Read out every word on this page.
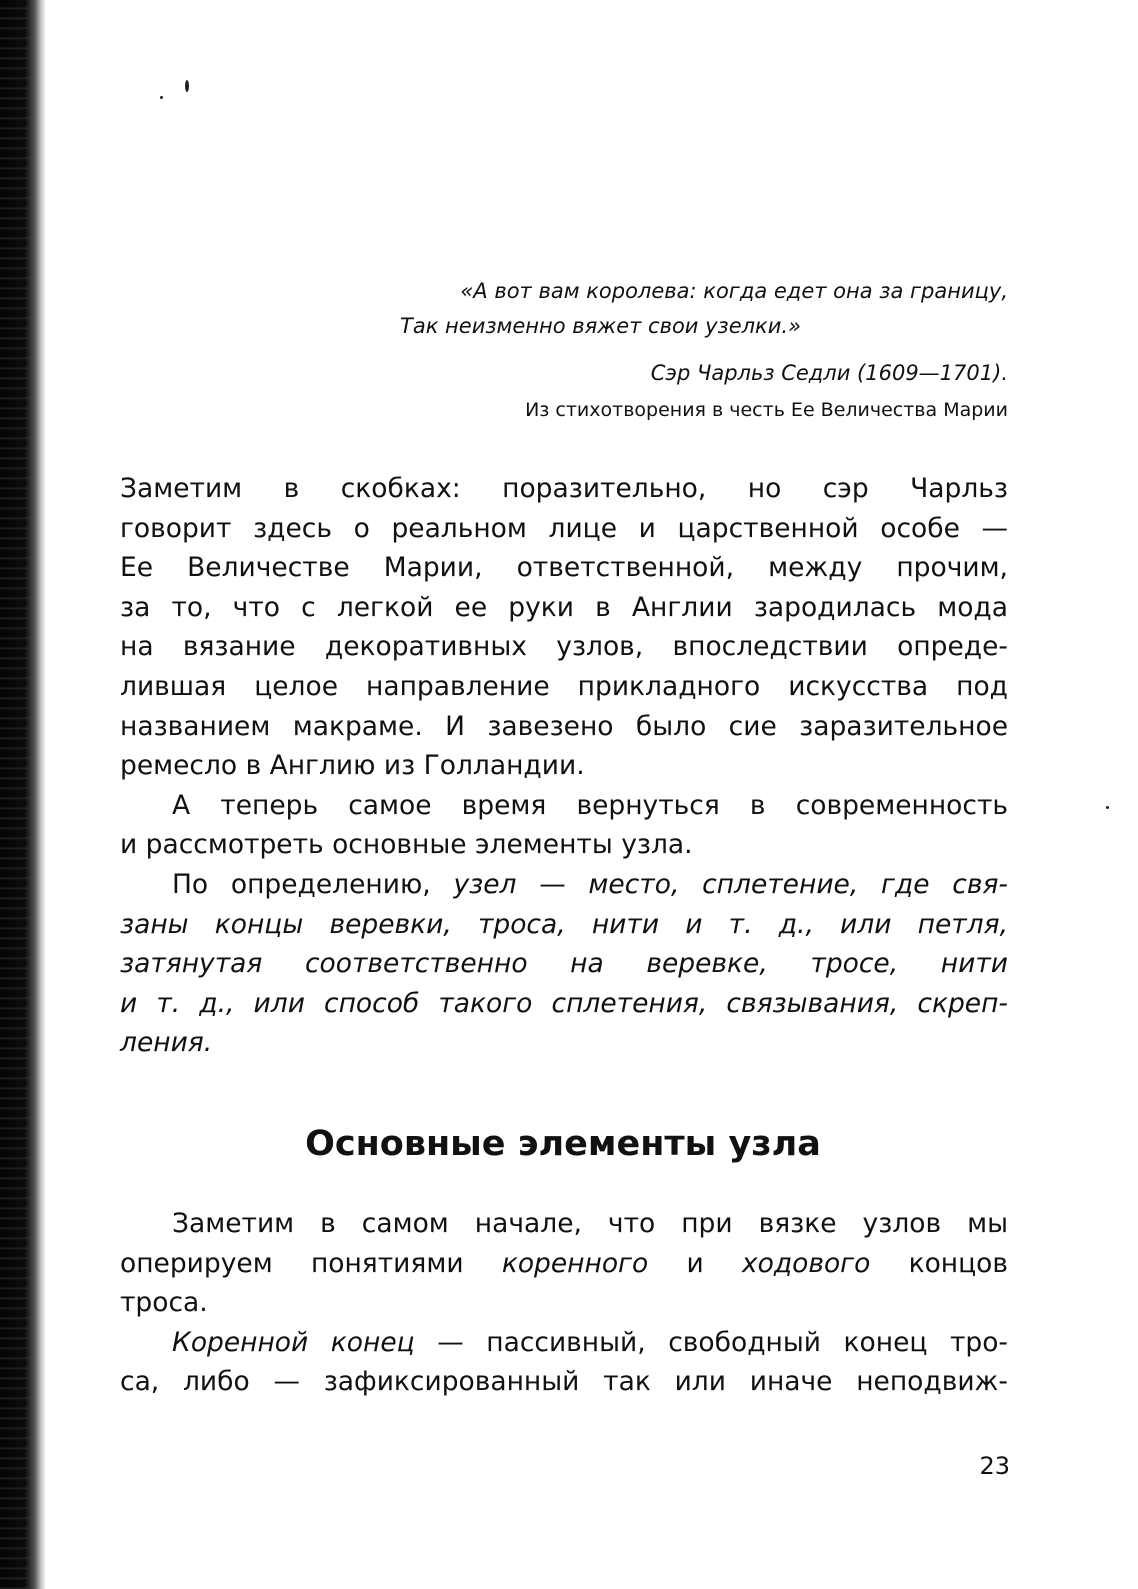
«А вот вам королева: когда едет она за границу,
Так неизменно вяжет свои узелки.»
Сэр Чарльз Седли (1609—1701).
Из стихотворения в честь Ее Величества Марии
Заметим в скобках: поразительно, но сэр Чарльз
говорит здесь о реальном лице и царственной особе —
Ее Величестве Марии, ответственной, между прочим,
за то, что с легкой ее руки в Англии зародилась мода
на вязание декоративных узлов, впоследствии опреде-
лившая целое направление прикладного искусства под
названием макраме. И завезено было сие заразительное
ремесло в Англию из Голландии.
А теперь самое время вернуться в современность
и рассмотреть основные элементы узла.
По определению, узел — место, сплетение, где свя-
заны концы веревки, троса, нити и т. д., или петля,
затянутая соответственно на веревке, тросе, нити
и т. д., или способ такого сплетения, связывания, скреп-
ления.
Основные элементы узла
Заметим в самом начале, что при вязке узлов мы
оперируем понятиями коренного и ходового концов
троса.
Коренной конец — пассивный, свободный конец тро-
са, либо — зафиксированный так или иначе неподвиж-
23
